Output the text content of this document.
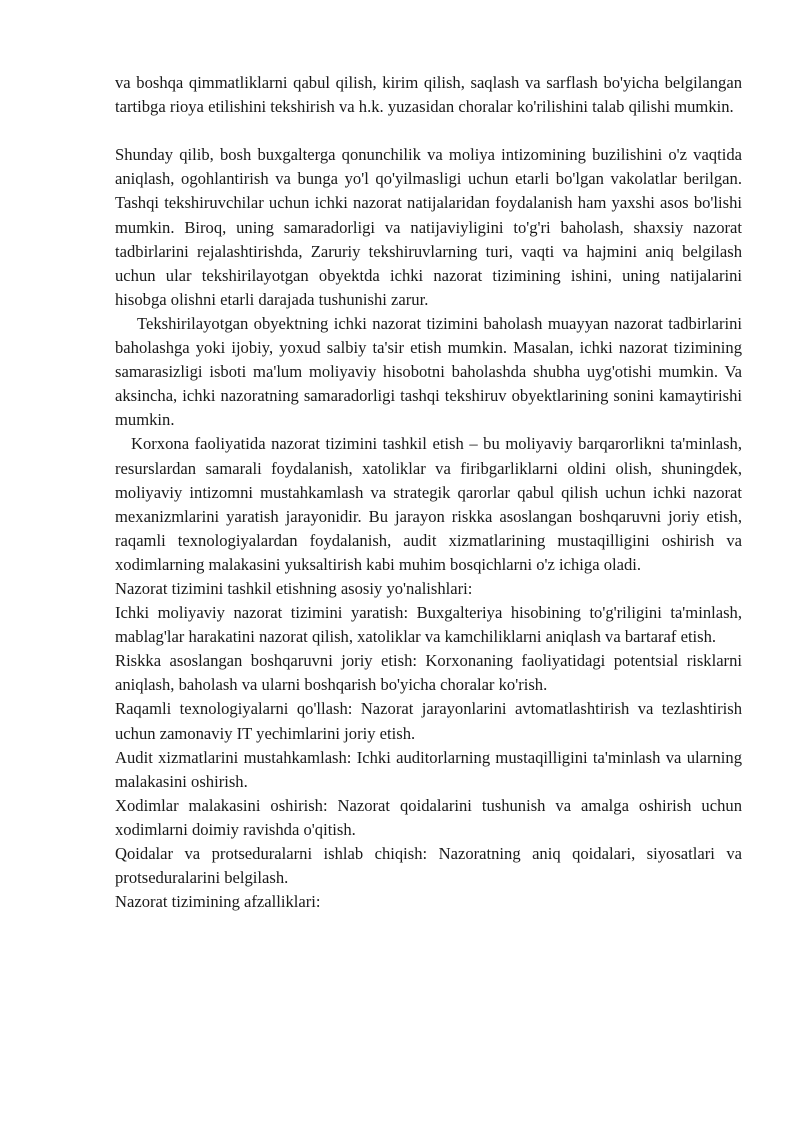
va boshqa qimmatliklarni qabul qilish, kirim qilish, saqlash va sarflash bo'yicha belgilangan tartibga rioya etilishini tekshirish va h.k. yuzasidan choralar ko'rilishini talab qilishi mumkin.

Shunday qilib, bosh buxgalterga qonunchilik va moliya intizomining buzilishini o'z vaqtida aniqlash, ogohlantirish va bunga yo'l qo'yilmasligi uchun etarli bo'lgan vakolatlar berilgan. Tashqi tekshiruvchilar uchun ichki nazorat natijalaridan foydalanish ham yaxshi asos bo'lishi mumkin. Biroq, uning samaradorligi va natijaviyligini to'g'ri baholash, shaxsiy nazorat tadbirlarini rejalashtirishda, Zaruriy tekshiruvlarning turi, vaqti va hajmini aniq belgilash uchun ular tekshirilayotgan obyektda ichki nazorat tizimining ishini, uning natijalarini hisobga olishni etarli darajada tushunishi zarur.

Tekshirilayotgan obyektning ichki nazorat tizimini baholash muayyan nazorat tadbirlarini baholashga yoki ijobiy, yoxud salbiy ta'sir etish mumkin. Masalan, ichki nazorat tizimining samarasizligi isboti ma'lum moliyaviy hisobotni baholashda shubha uyg'otishi mumkin. Va aksincha, ichki nazoratning samaradorligi tashqi tekshiruv obyektlarining sonini kamaytirishi mumkin.

Korxona faoliyatida nazorat tizimini tashkil etish – bu moliyaviy barqarorlikni ta'minlash, resurslardan samarali foydalanish, xatoliklar va firibgarliklarni oldini olish, shuningdek, moliyaviy intizomni mustahkamlash va strategik qarorlar qabul qilish uchun ichki nazorat mexanizmlarini yaratish jarayonidir. Bu jarayon riskka asoslangan boshqaruvni joriy etish, raqamli texnologiyalardan foydalanish, audit xizmatlarining mustaqilligini oshirish va xodimlarning malakasini yuksaltirish kabi muhim bosqichlarni o'z ichiga oladi.

Nazorat tizimini tashkil etishning asosiy yo'nalishlari:

Ichki moliyaviy nazorat tizimini yaratish: Buxgalteriya hisobining to'g'riligini ta'minlash, mablag'lar harakatini nazorat qilish, xatoliklar va kamchiliklarni aniqlash va bartaraf etish.

Riskka asoslangan boshqaruvni joriy etish: Korxonaning faoliyatidagi potentsial risklarni aniqlash, baholash va ularni boshqarish bo'yicha choralar ko'rish.

Raqamli texnologiyalarni qo'llash: Nazorat jarayonlarini avtomatlashtirish va tezlashtirish uchun zamonaviy IT yechimlarini joriy etish.

Audit xizmatlarini mustahkamlash: Ichki auditorlarning mustaqilligini ta'minlash va ularning malakasini oshirish.

Xodimlar malakasini oshirish: Nazorat qoidalarini tushunish va amalga oshirish uchun xodimlarni doimiy ravishda o'qitish.

Qoidalar va protseduralarni ishlab chiqish: Nazoratning aniq qoidalari, siyosatlari va protseduralarini belgilash.

Nazorat tizimining afzalliklari:
